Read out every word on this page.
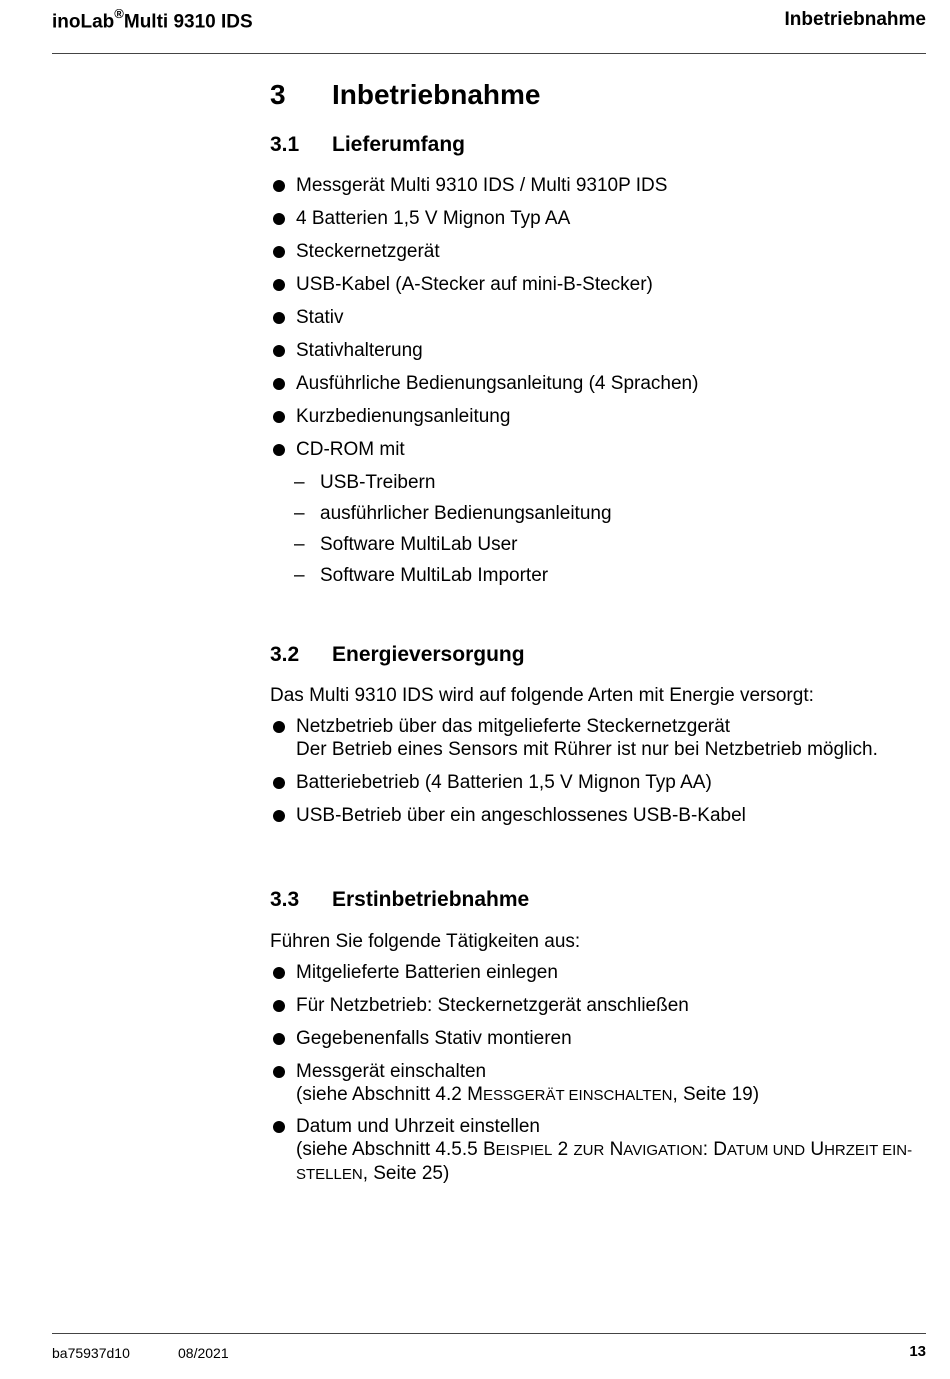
inoLab®Multi 9310 IDS	Inbetriebnahme
3 Inbetriebnahme
3.1 Lieferumfang
Messgerät Multi 9310 IDS / Multi 9310P IDS
4 Batterien 1,5 V Mignon Typ AA
Steckernetzgerät
USB-Kabel (A-Stecker auf mini-B-Stecker)
Stativ
Stativhalterung
Ausführliche Bedienungsanleitung (4 Sprachen)
Kurzbedienungsanleitung
CD-ROM mit
– USB-Treibern
– ausführlicher Bedienungsanleitung
– Software MultiLab User
– Software MultiLab Importer
3.2 Energieversorgung
Das Multi 9310 IDS wird auf folgende Arten mit Energie versorgt:
Netzbetrieb über das mitgelieferte Steckernetzgerät
Der Betrieb eines Sensors mit Rührer ist nur bei Netzbetrieb möglich.
Batteriebetrieb (4 Batterien 1,5 V Mignon Typ AA)
USB-Betrieb über ein angeschlossenes USB-B-Kabel
3.3 Erstinbetriebnahme
Führen Sie folgende Tätigkeiten aus:
Mitgelieferte Batterien einlegen
Für Netzbetrieb: Steckernetzgerät anschließen
Gegebenenfalls Stativ montieren
Messgerät einschalten
(siehe Abschnitt 4.2 MESSGERÄT EINSCHALTEN, Seite 19)
Datum und Uhrzeit einstellen
(siehe Abschnitt 4.5.5 BEISPIEL 2 ZUR NAVIGATION: DATUM UND UHRZEIT EIN-
STELLEN, Seite 25)
ba75937d10	08/2021	13
